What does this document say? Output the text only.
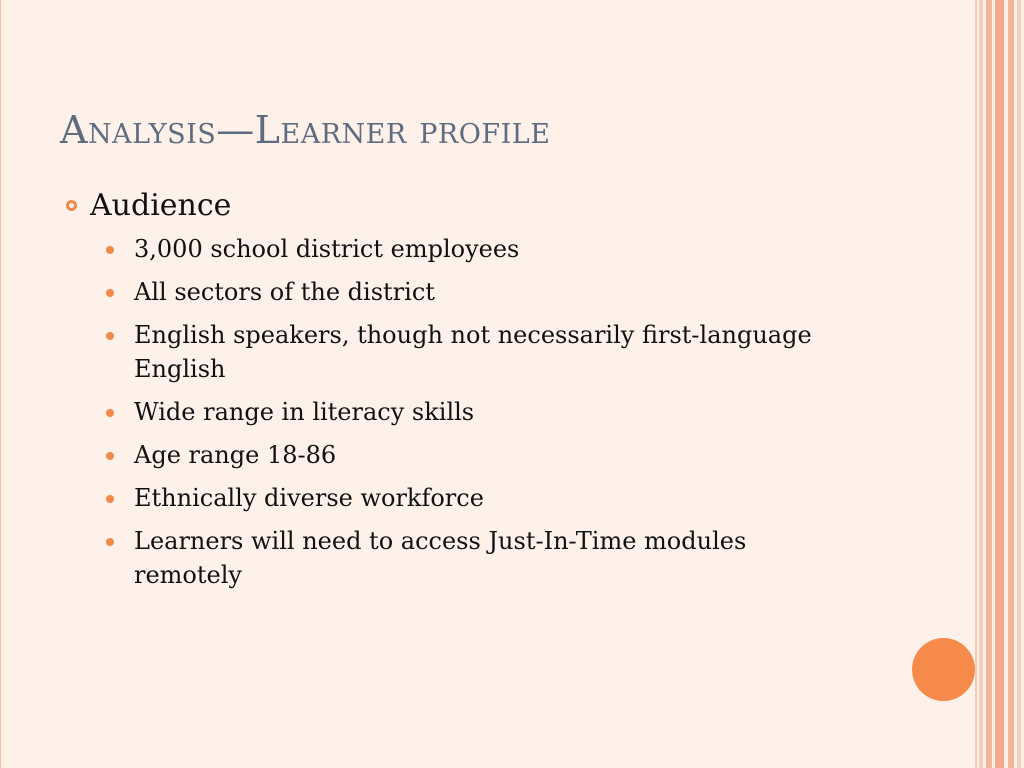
Analysis—Learner profile
Audience
3,000 school district employees
All sectors of the district
English speakers, though not necessarily first-language English
Wide range in literacy skills
Age range 18-86
Ethnically diverse workforce
Learners will need to access Just-In-Time modules remotely
